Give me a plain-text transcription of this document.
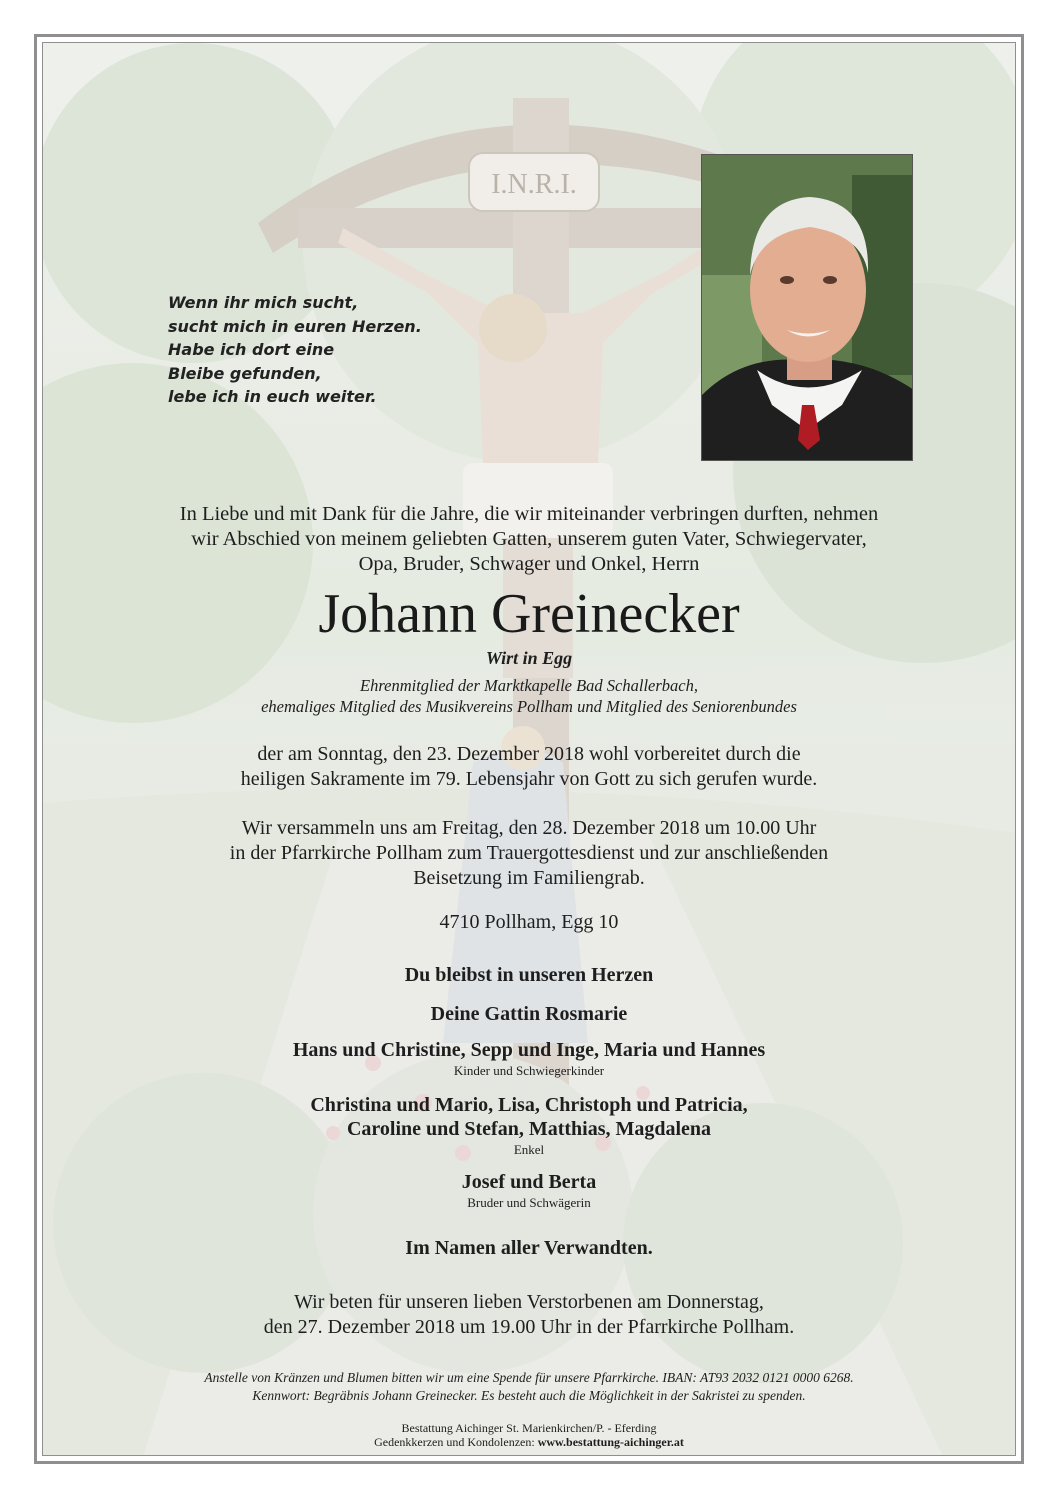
I.N.R.I.
Wenn ihr mich sucht,
sucht mich in euren Herzen.
Habe ich dort eine
Bleibe gefunden,
lebe ich in euch weiter.
In Liebe und mit Dank für die Jahre, die wir miteinander verbringen durften, nehmen
wir Abschied von meinem geliebten Gatten, unserem guten Vater, Schwiegervater,
Opa, Bruder, Schwager und Onkel, Herrn
Johann Greinecker
Wirt in Egg
Ehrenmitglied der Marktkapelle Bad Schallerbach,
ehemaliges Mitglied des Musikvereins Pollham und Mitglied des Seniorenbundes
der am Sonntag, den 23. Dezember 2018 wohl vorbereitet durch die
heiligen Sakramente im 79. Lebensjahr von Gott zu sich gerufen wurde.
Wir versammeln uns am Freitag, den 28. Dezember 2018 um 10.00 Uhr
in der Pfarrkirche Pollham zum Trauergottesdienst und zur anschließenden
Beisetzung im Familiengrab.
4710 Pollham, Egg 10
Du bleibst in unseren Herzen
Deine Gattin Rosmarie
Hans und Christine, Sepp und Inge, Maria und Hannes
Kinder und Schwiegerkinder
Christina und Mario, Lisa, Christoph und Patricia,
Caroline und Stefan, Matthias, Magdalena
Enkel
Josef und Berta
Bruder und Schwägerin
Im Namen aller Verwandten.
Wir beten für unseren lieben Verstorbenen am Donnerstag,
den 27. Dezember 2018 um 19.00 Uhr in der Pfarrkirche Pollham.
Anstelle von Kränzen und Blumen bitten wir um eine Spende für unsere Pfarrkirche. IBAN: AT93 2032 0121 0000 6268.
Kennwort: Begräbnis Johann Greinecker. Es besteht auch die Möglichkeit in der Sakristei zu spenden.
Bestattung Aichinger St. Marienkirchen/P. - Eferding
Gedenkkerzen und Kondolenzen: www.bestattung-aichinger.at
